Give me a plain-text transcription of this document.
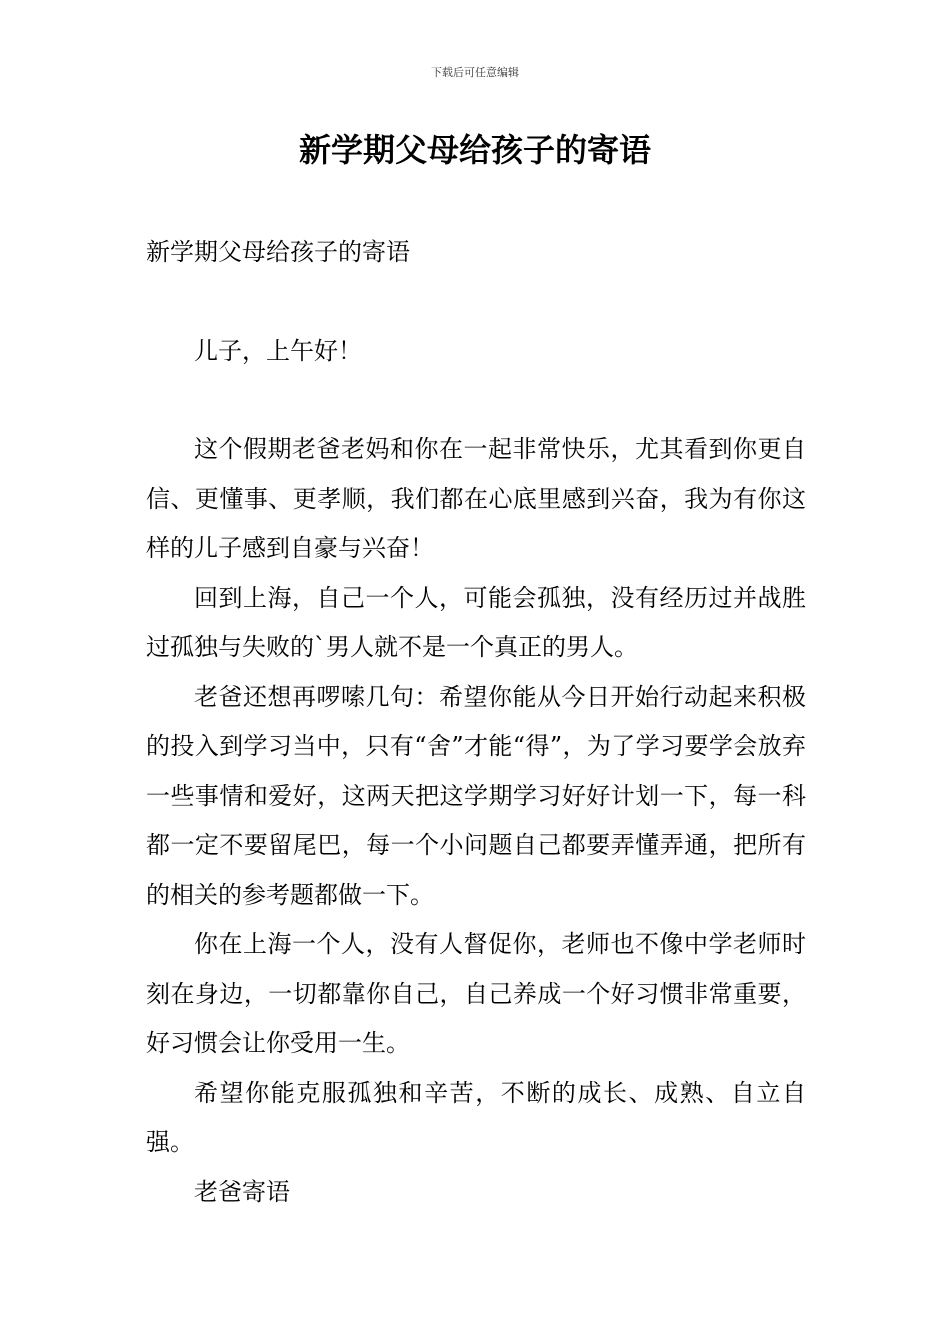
下载后可任意编辑
新学期父母给孩子的寄语

新学期父母给孩子的寄语

儿子，上午好！

这个假期老爸老妈和你在一起非常快乐，尤其看到你更自信、更懂事、更孝顺，我们都在心底里感到兴奋，我为有你这样的儿子感到自豪与兴奋！

回到上海，自己一个人，可能会孤独，没有经历过并战胜过孤独与失败的`男人就不是一个真正的男人。

老爸还想再啰嗦几句：希望你能从今日开始行动起来积极的投入到学习当中，只有“舍”才能“得”，为了学习要学会放弃一些事情和爱好，这两天把这学期学习好好计划一下，每一科都一定不要留尾巴，每一个小问题自己都要弄懂弄通，把所有的相关的参考题都做一下。

你在上海一个人，没有人督促你，老师也不像中学老师时刻在身边，一切都靠你自己，自己养成一个好习惯非常重要，好习惯会让你受用一生。

希望你能克服孤独和辛苦，不断的成长、成熟、自立自强。

老爸寄语
